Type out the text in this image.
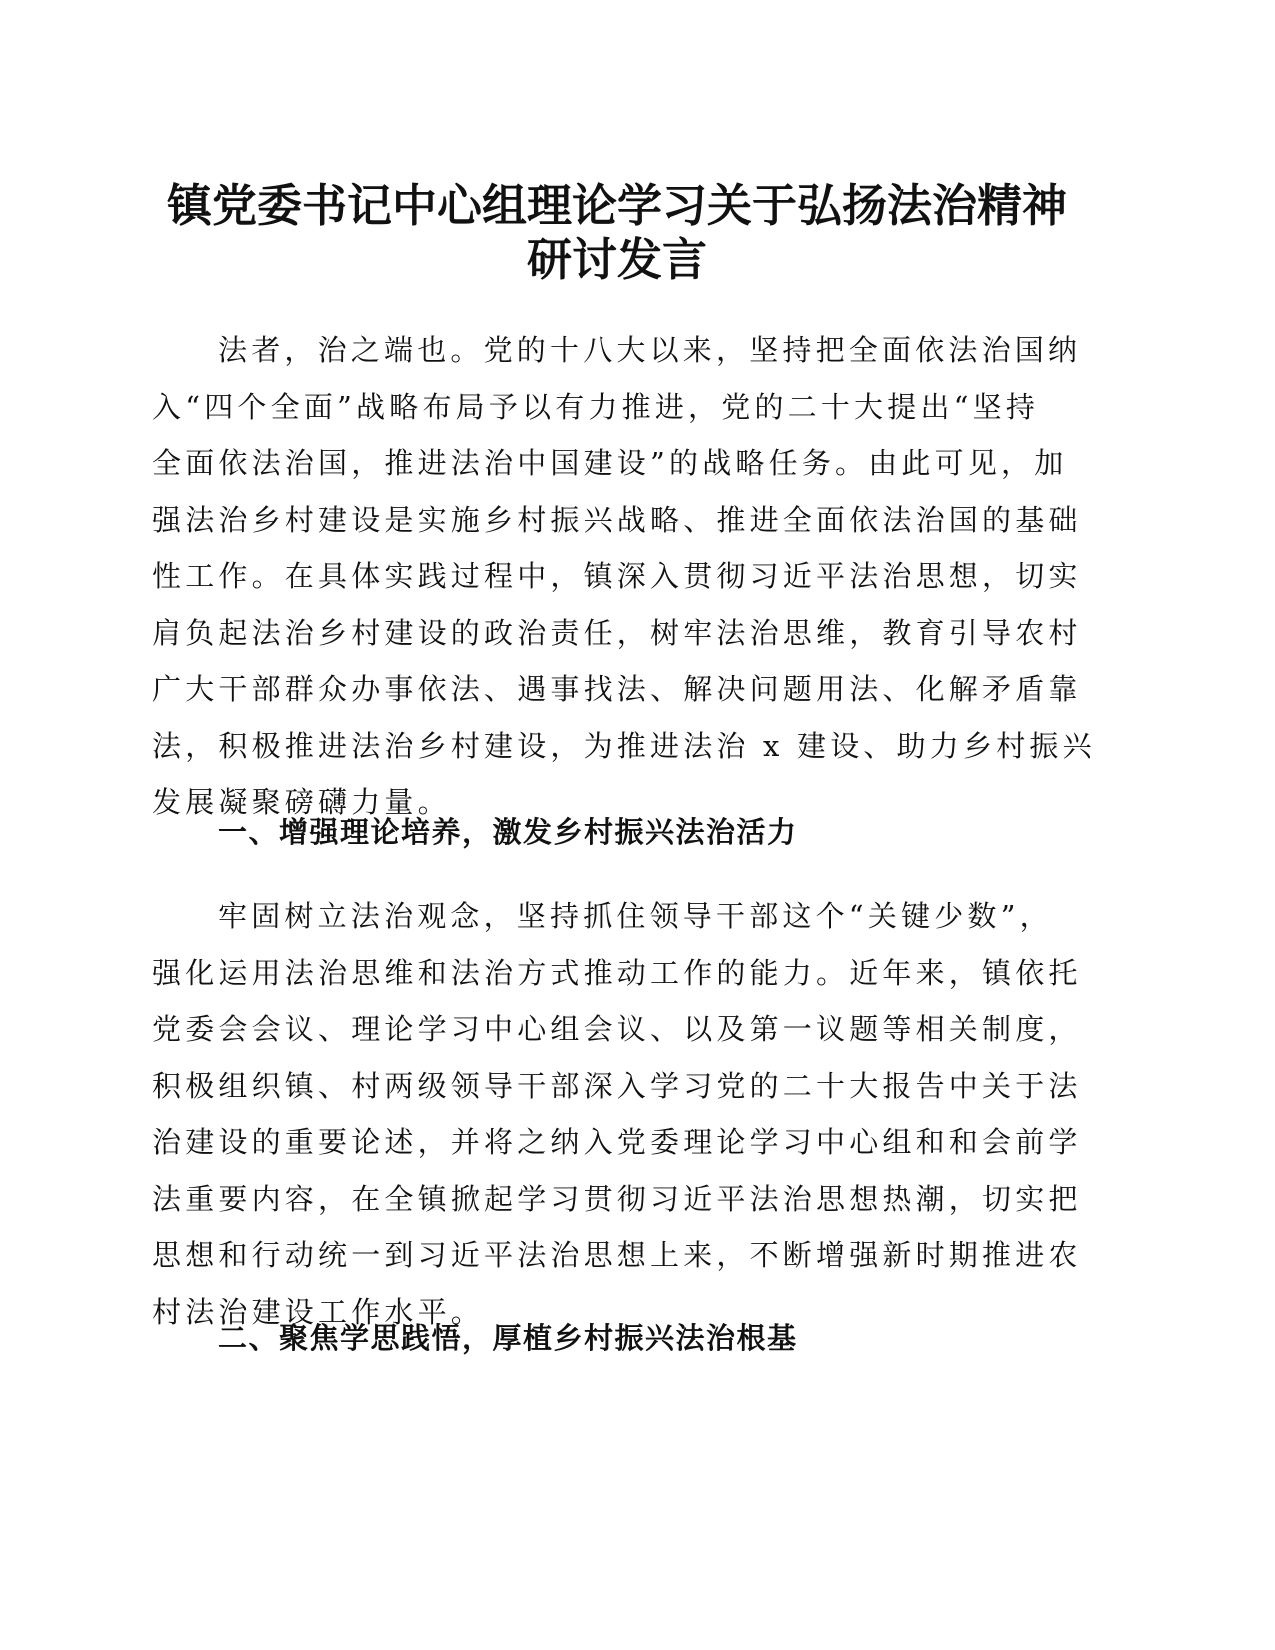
镇党委书记中心组理论学习关于弘扬法治精神
研讨发言
法者，治之端也。党的十八大以来，坚持把全面依法治国纳
入“四个全面”战略布局予以有力推进，党的二十大提出“坚持
全面依法治国，推进法治中国建设”的战略任务。由此可见，加
强法治乡村建设是实施乡村振兴战略、推进全面依法治国的基础
性工作。在具体实践过程中，镇深入贯彻习近平法治思想，切实
肩负起法治乡村建设的政治责任，树牢法治思维，教育引导农村
广大干部群众办事依法、遇事找法、解决问题用法、化解矛盾靠
法，积极推进法治乡村建设，为推进法治 x 建设、助力乡村振兴
发展凝聚磅礴力量。
一、增强理论培养，激发乡村振兴法治活力
牢固树立法治观念，坚持抓住领导干部这个“关键少数”，
强化运用法治思维和法治方式推动工作的能力。近年来，镇依托
党委会会议、理论学习中心组会议、以及第一议题等相关制度，
积极组织镇、村两级领导干部深入学习党的二十大报告中关于法
治建设的重要论述，并将之纳入党委理论学习中心组和和会前学
法重要内容，在全镇掀起学习贯彻习近平法治思想热潮，切实把
思想和行动统一到习近平法治思想上来，不断增强新时期推进农
村法治建设工作水平。
二、聚焦学思践悟，厚植乡村振兴法治根基
